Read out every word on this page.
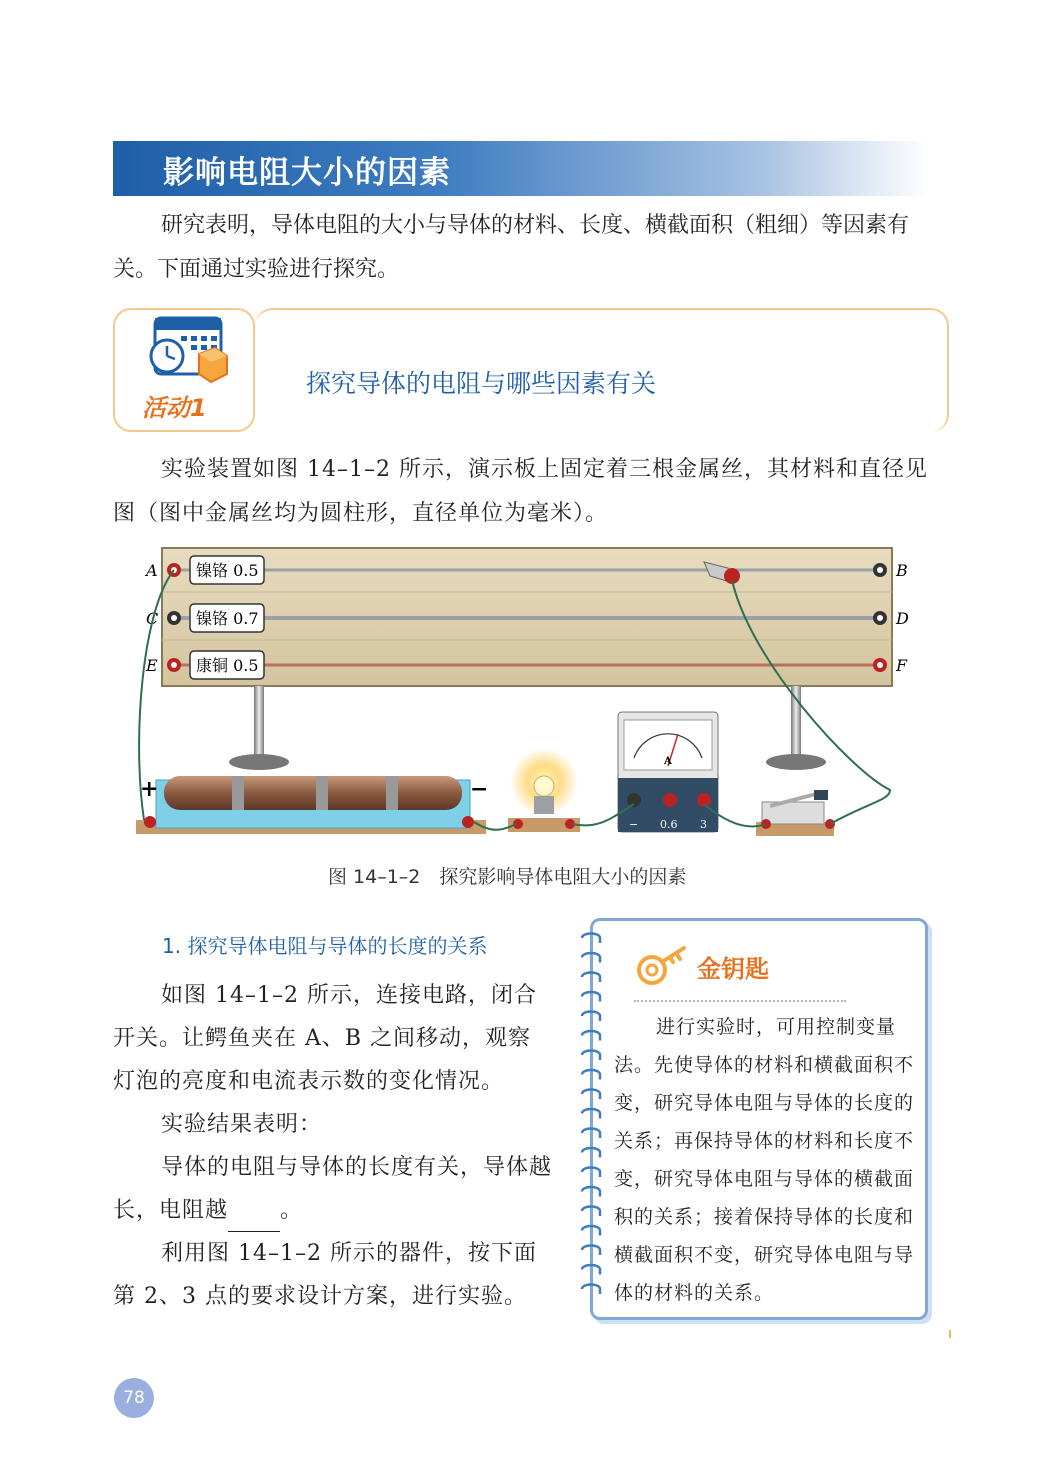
影响电阻大小的因素
研究表明，导体电阻的大小与导体的材料、长度、横截面积（粗细）等因素有关。下面通过实验进行探究。
活动1
探究导体的电阻与哪些因素有关
实验装置如图 14–1–2 所示，演示板上固定着三根金属丝，其材料和直径见图（图中金属丝均为圆柱形，直径单位为毫米）。
镍铬 0.5
镍铬 0.7
康铜 0.5
A
C
E
B
D
F
+	−
A
− 0.6 3
图 14–1–2　探究影响导体电阻大小的因素
1. 探究导体电阻与导体的长度的关系
如图 14–1–2 所示，连接电路，闭合开关。让鳄鱼夹在 A、B 之间移动，观察灯泡的亮度和电流表示数的变化情况。
实验结果表明：
导体的电阻与导体的长度有关，导体越长，电阻越 。
利用图 14–1–2 所示的器件，按下面第 2、3 点的要求设计方案，进行实验。
金钥匙
进行实验时，可用控制变量法。先使导体的材料和横截面积不变，研究导体电阻与导体的长度的关系；再保持导体的材料和长度不变，研究导体电阻与导体的横截面积的关系；接着保持导体的长度和横截面积不变，研究导体电阻与导体的材料的关系。
78
